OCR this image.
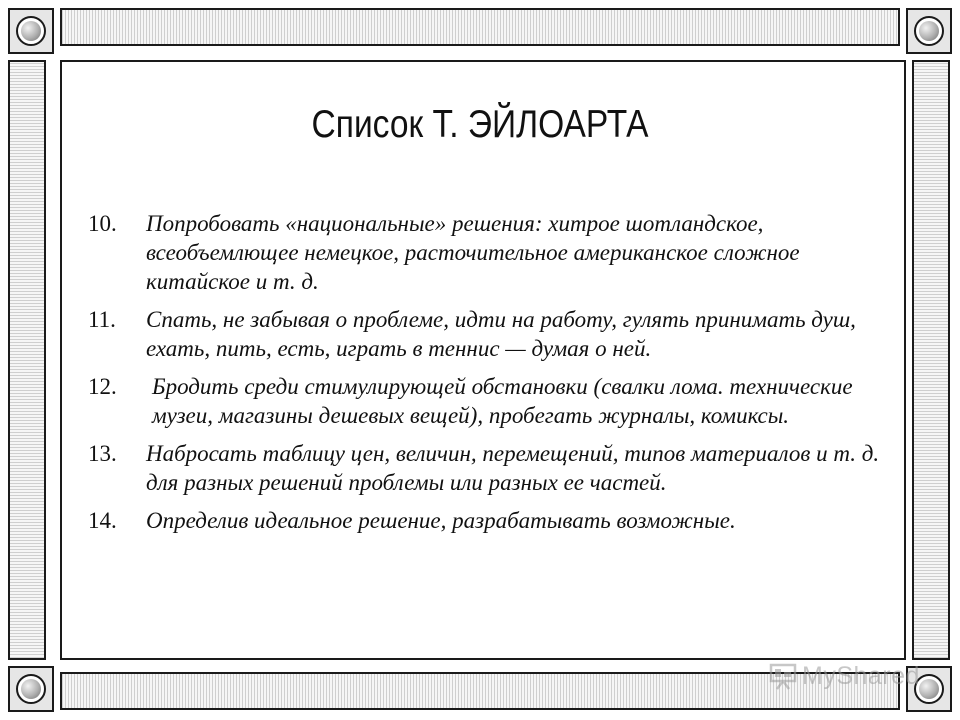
Список Т. ЭЙЛОАРТА
10.	Попробовать «национальные» решения: хитрое шотландское, всеобъемлющее немецкое, расточительное американское сложное китайское и т. д.
11.	Спать, не забывая о проблеме, идти на работу, гулять принимать душ, ехать, пить, есть, играть в теннис — думая о ней.
12.	Бродить среди стимулирующей обстановки (свалки лома. технические музеи, магазины дешевых вещей), пробегать журналы, комиксы.
13.	Набросать таблицу цен, величин, перемещений, типов материалов и т. д. для разных решений проблемы или разных ее частей.
14.	Определив идеальное решение, разрабатывать возможные.
MyShared
